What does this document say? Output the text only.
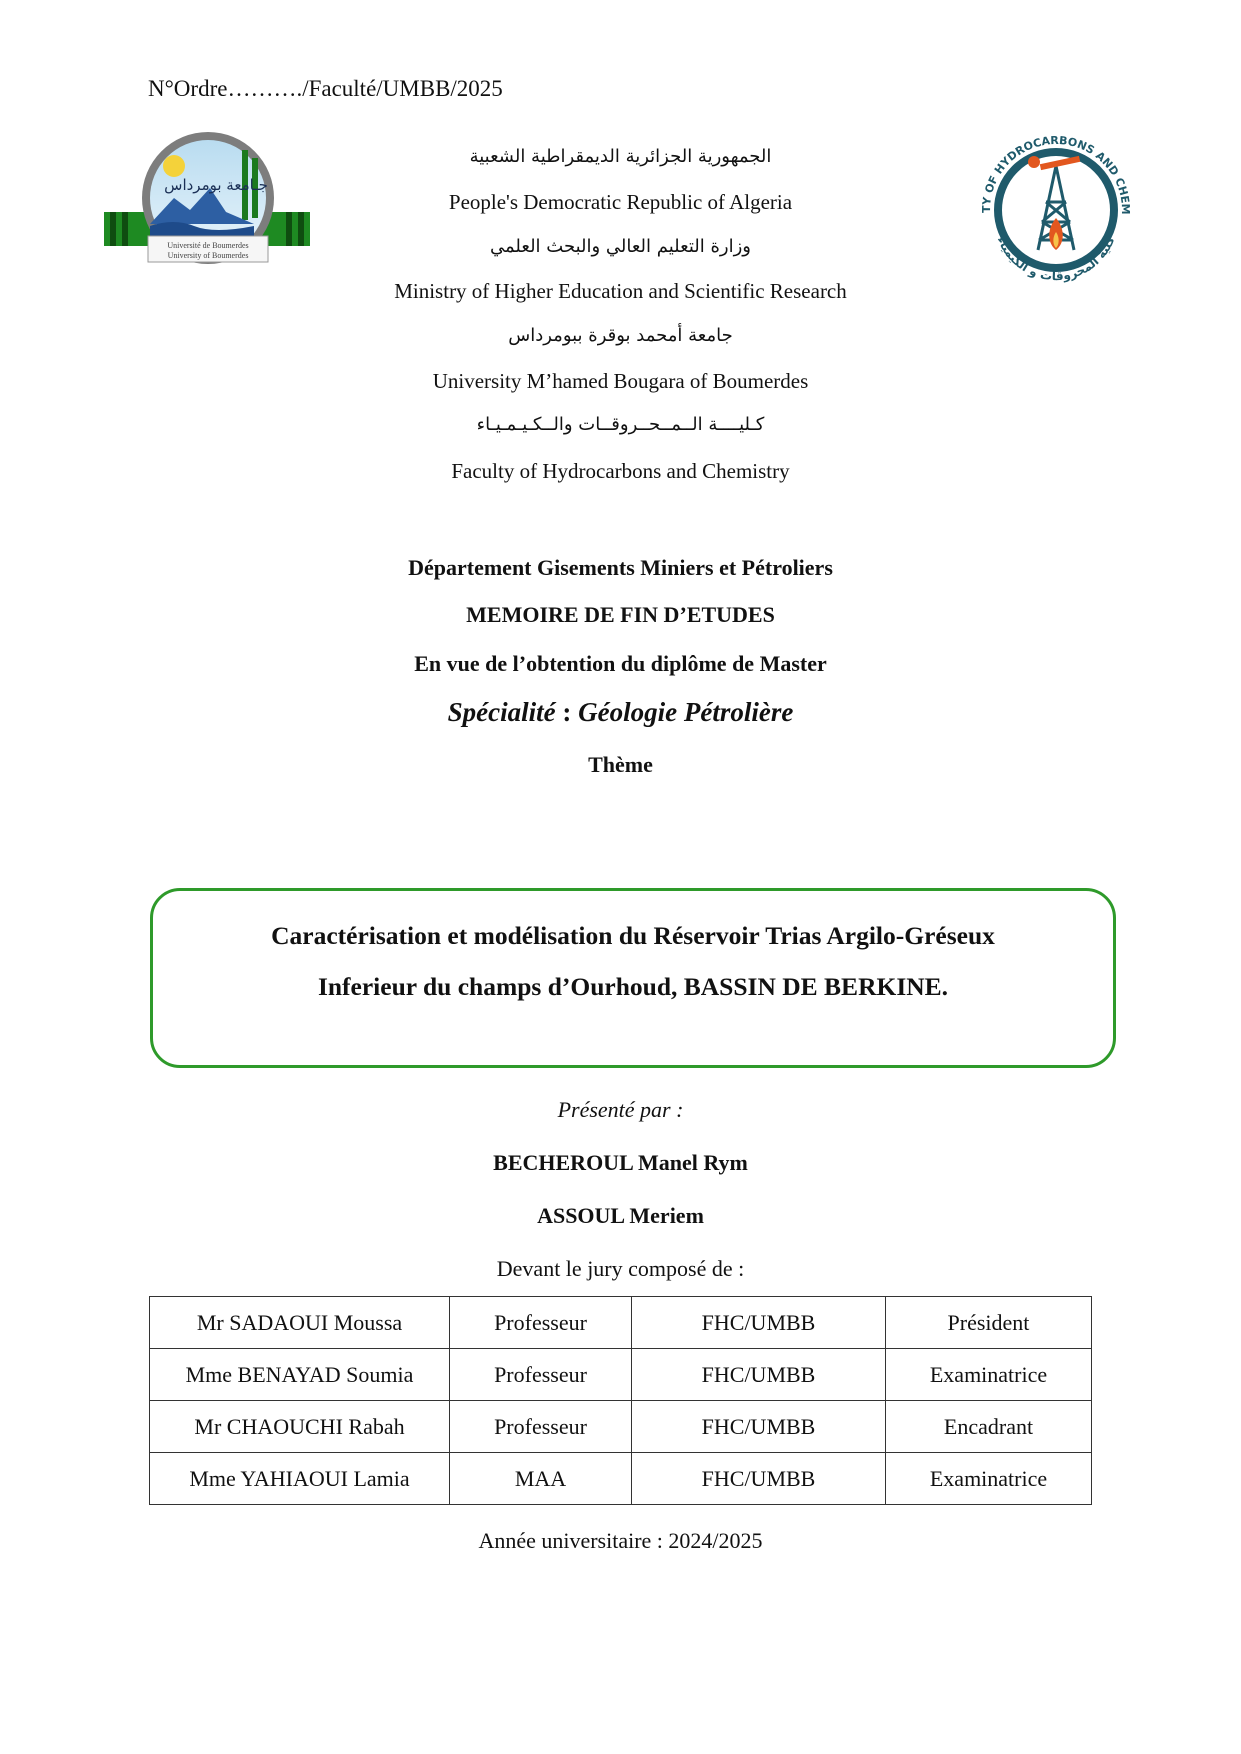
N°Ordre………./Faculté/UMBB/2025
Université de Boumerdes
University of Boumerdes
جـامعة بومرداس
TY OF HYDROCARBONS AND CHEM
كلية المحروقات و الكيمياء
الجمهورية الجزائرية الديمقراطية الشعبية
People's Democratic Republic of Algeria
وزارة التعليم العالي والبحث العلمي
Ministry of Higher Education and Scientific Research
جامعة أمحمد بوقرة ببومرداس
University M’hamed Bougara of Boumerdes
كـليــــة الــمــحــروقــات والــكـيـمـيـاء
Faculty of Hydrocarbons and Chemistry
Département Gisements Miniers et Pétroliers
MEMOIRE DE FIN D’ETUDES
En vue de l’obtention du diplôme de Master
Spécialité : Géologie Pétrolière
Thème
Caractérisation et modélisation du Réservoir Trias Argilo-Gréseux
Inferieur du champs d’Ourhoud, BASSIN DE BERKINE.
Présenté par :
BECHEROUL Manel Rym
ASSOUL Meriem
Devant le jury composé de :
Mr SADAOUI Moussa	Professeur	FHC/UMBB	Président
Mme BENAYAD Soumia	Professeur	FHC/UMBB	Examinatrice
Mr CHAOUCHI Rabah	Professeur	FHC/UMBB	Encadrant
Mme YAHIAOUI Lamia	MAA	FHC/UMBB	Examinatrice
Année universitaire : 2024/2025
